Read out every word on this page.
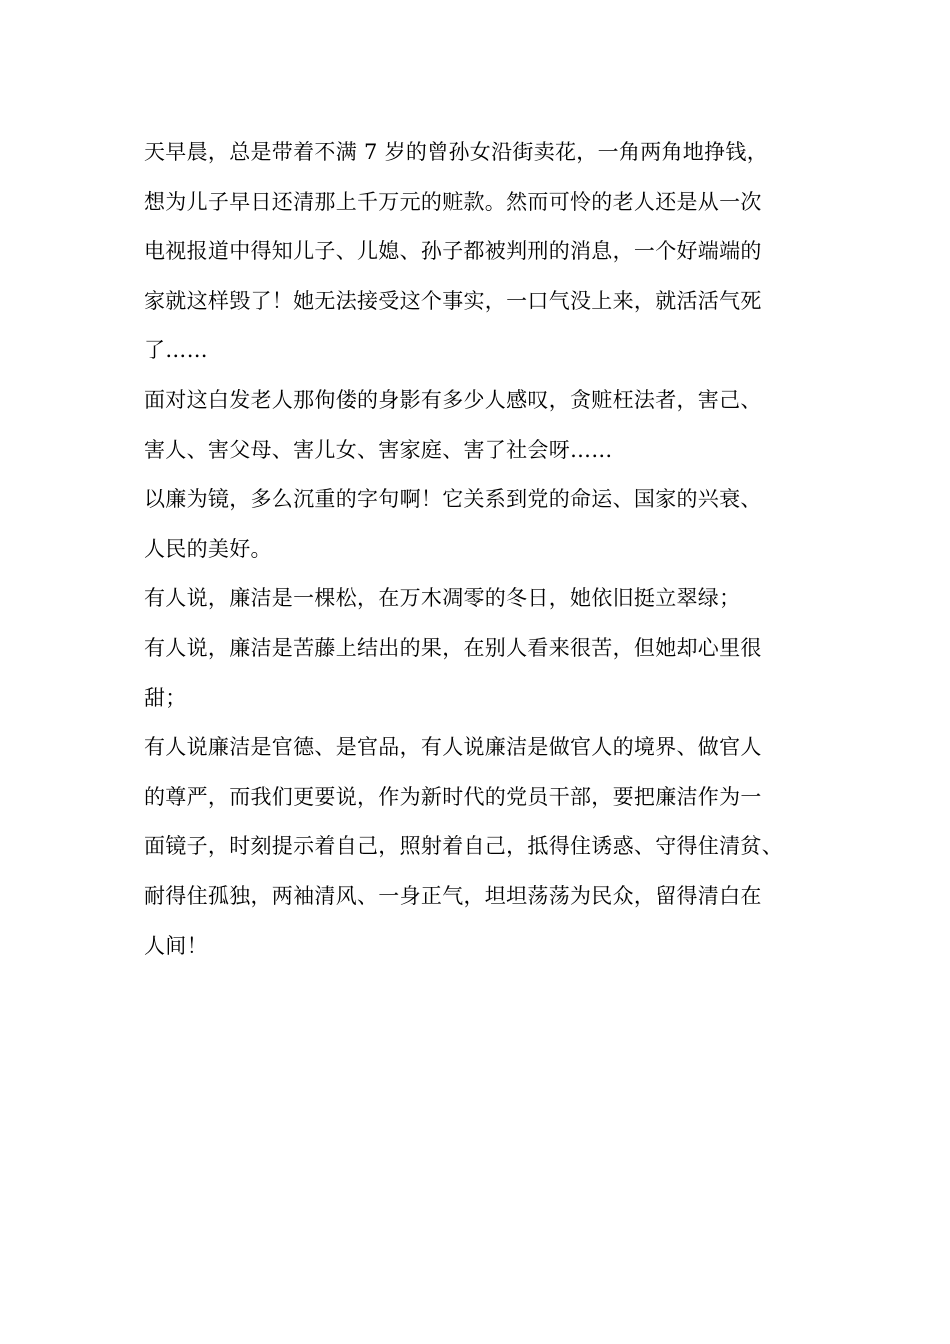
天早晨，总是带着不满 7 岁的曾孙女沿街卖花，一角两角地挣钱，
想为儿子早日还清那上千万元的赃款。然而可怜的老人还是从一次
电视报道中得知儿子、儿媳、孙子都被判刑的消息，一个好端端的
家就这样毁了！她无法接受这个事实，一口气没上来，就活活气死
了……
面对这白发老人那佝偻的身影有多少人感叹，贪赃枉法者，害己、
害人、害父母、害儿女、害家庭、害了社会呀……
以廉为镜，多么沉重的字句啊！它关系到党的命运、国家的兴衰、
人民的美好。
有人说，廉洁是一棵松，在万木凋零的冬日，她依旧挺立翠绿；
有人说，廉洁是苦藤上结出的果，在别人看来很苦，但她却心里很
甜；
有人说廉洁是官德、是官品，有人说廉洁是做官人的境界、做官人
的尊严，而我们更要说，作为新时代的党员干部，要把廉洁作为一
面镜子，时刻提示着自己，照射着自己，抵得住诱惑、守得住清贫、
耐得住孤独，两袖清风、一身正气，坦坦荡荡为民众，留得清白在
人间！
